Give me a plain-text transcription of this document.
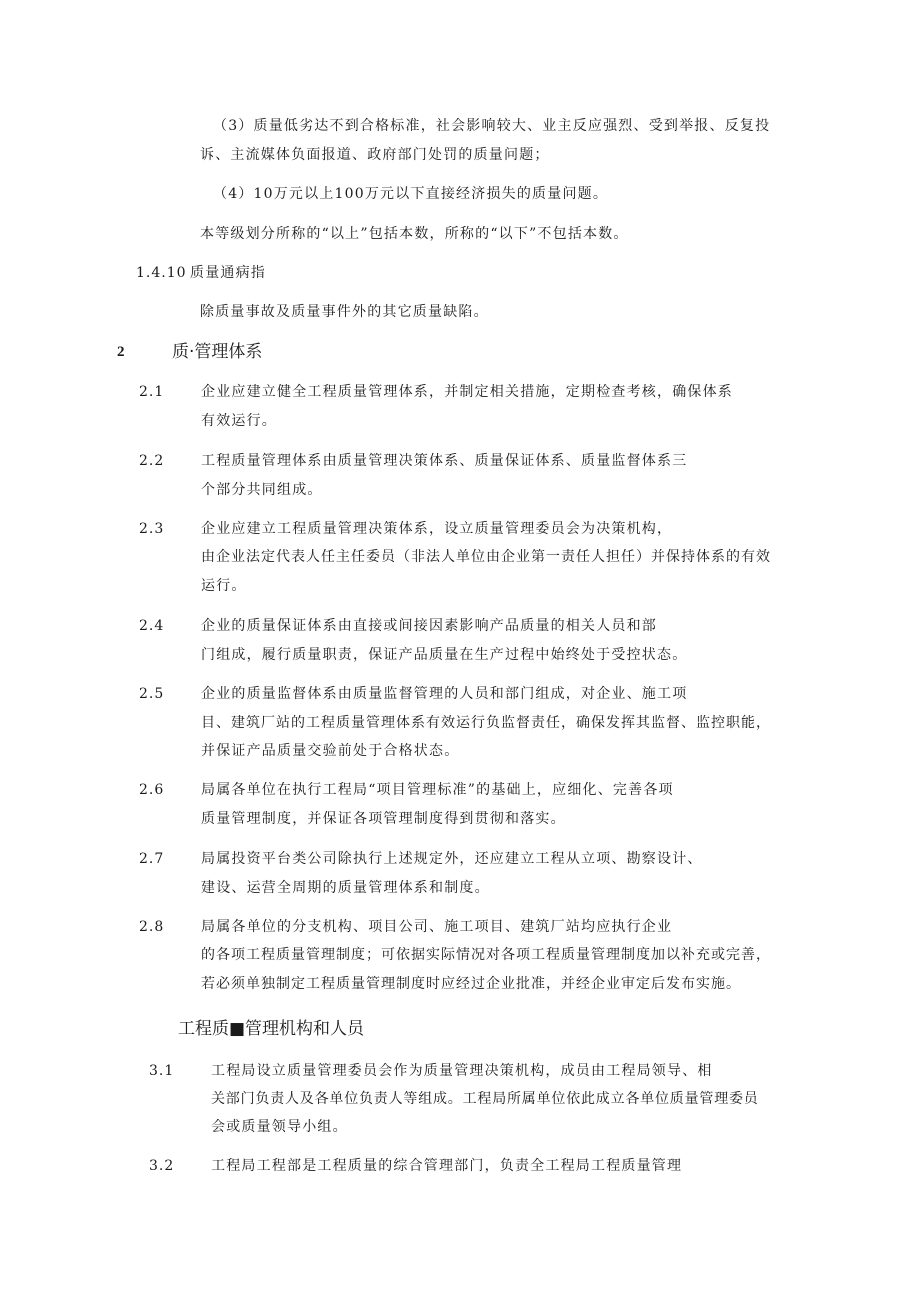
（3）质量低劣达不到合格标准，社会影响较大、业主反应强烈、受到举报、反复投
诉、主流媒体负面报道、政府部门处罚的质量问题；
（4）10万元以上100万元以下直接经济损失的质量问题。
本等级划分所称的“以上”包括本数，所称的“以下”不包括本数。
1.4.10 质量通病指
除质量事故及质量事件外的其它质量缺陷。
2	质·管理体系
2.1	企业应建立健全工程质量管理体系，并制定相关措施，定期检查考核，确保体系
有效运行。
2.2	工程质量管理体系由质量管理决策体系、质量保证体系、质量监督体系三
个部分共同组成。
2.3	企业应建立工程质量管理决策体系，设立质量管理委员会为决策机构，
由企业法定代表人任主任委员（非法人单位由企业第一责任人担任）并保持体系的有效
运行。
2.4	企业的质量保证体系由直接或间接因素影响产品质量的相关人员和部
门组成，履行质量职责，保证产品质量在生产过程中始终处于受控状态。
2.5	企业的质量监督体系由质量监督管理的人员和部门组成，对企业、施工项
目、建筑厂站的工程质量管理体系有效运行负监督责任，确保发挥其监督、监控职能，
并保证产品质量交验前处于合格状态。
2.6	局属各单位在执行工程局“项目管理标准”的基础上，应细化、完善各项
质量管理制度，并保证各项管理制度得到贯彻和落实。
2.7	局属投资平台类公司除执行上述规定外，还应建立工程从立项、勘察设计、
建设、运营全周期的质量管理体系和制度。
2.8	局属各单位的分支机构、项目公司、施工项目、建筑厂站均应执行企业
的各项工程质量管理制度；可依据实际情况对各项工程质量管理制度加以补充或完善，
若必须单独制定工程质量管理制度时应经过企业批准，并经企业审定后发布实施。
工程质■管理机构和人员
3.1	工程局设立质量管理委员会作为质量管理决策机构，成员由工程局领导、相
关部门负责人及各单位负责人等组成。工程局所属单位依此成立各单位质量管理委员
会或质量领导小组。
3.2	工程局工程部是工程质量的综合管理部门，负责全工程局工程质量管理
